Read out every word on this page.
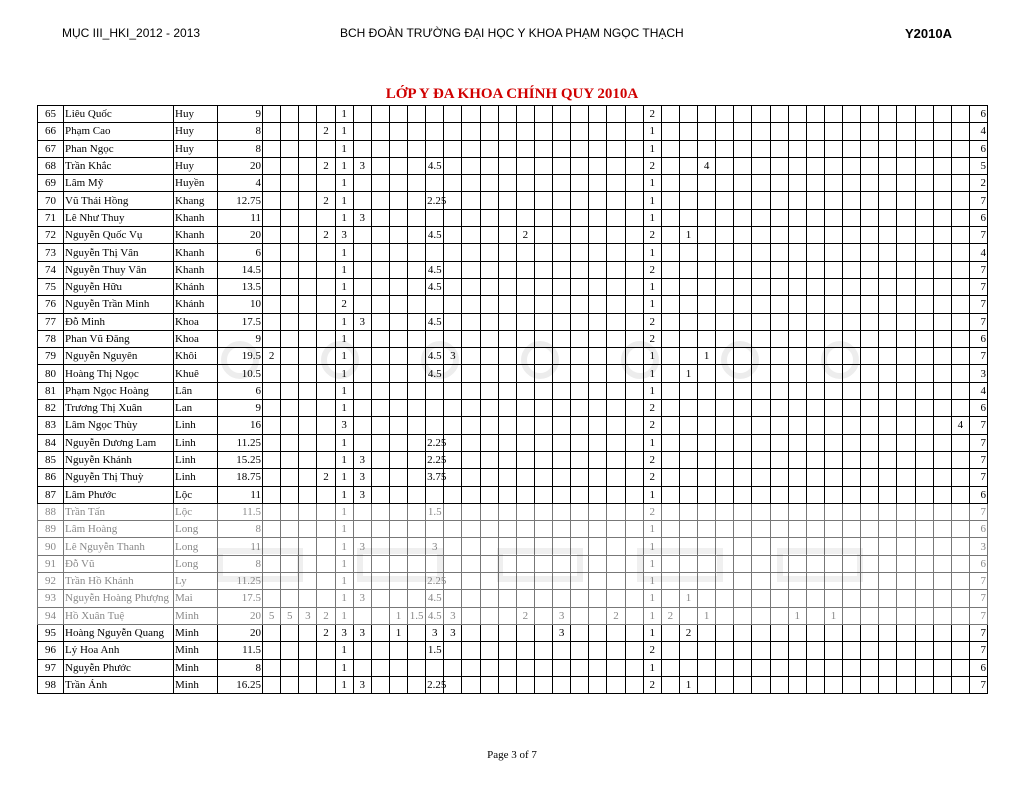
MỤC III_HKI_2012 - 2013	BCH ĐOÀN TRƯỜNG ĐẠI HỌC Y KHOA PHẠM NGỌC THẠCH	Y2010A
LỚP Y ĐA KHOA CHÍNH QUY 2010A
65	Liêu Quốc	Huy	9					1																	2																		6
66	Phạm Cao	Huy	8				2	1																	1																		4
67	Phan Ngọc	Huy	8					1																	1																		6
68	Trần Khắc	Huy	20				2	1	3				4.5												2			4															5
69	Lâm Mỹ	Huyền	4					1																	1																		2
70	Vũ Thái Hồng	Khang	12.75				2	1					2.25												1																		7
71	Lê Như Thuy	Khanh	11					1	3																1																		6
72	Nguyễn Quốc Vụ	Khanh	20				2	3					4.5					2							2		1																7
73	Nguyễn Thị Vân	Khanh	6					1																	1																		4
74	Nguyễn Thuy Vân	Khanh	14.5					1					4.5												2																		7
75	Nguyễn Hữu	Khánh	13.5					1					4.5												1																		7
76	Nguyễn Trần Minh	Khánh	10					2																	1																		7
77	Đỗ Minh	Khoa	17.5					1	3				4.5												2																		7
78	Phan Vũ Đăng	Khoa	9					1																	2																		6
79	Nguyễn Nguyên	Khôi	19.5	2				1					4.5	3											1			1															7
80	Hoàng Thị Ngọc	Khuê	10.5					1					4.5												1		1																3
81	Phạm Ngọc Hoàng	Lân	6					1																	1																		4
82	Trương Thị Xuân	Lan	9					1																	2																		6
83	Lâm Ngọc Thùy	Linh	16					3																	2																	4	7
84	Nguyễn Dương Lam	Linh	11.25					1					2.25												1																		7
85	Nguyễn Khánh	Linh	15.25					1	3				2.25												2																		7
86	Nguyễn Thị Thuỳ	Linh	18.75				2	1	3				3.75												2																		7
87	Lâm Phước	Lộc	11					1	3																1																		6
88	Trần Tấn	Lộc	11.5					1					1.5												2																		7
89	Lâm Hoàng	Long	8					1																	1																		6
90	Lê Nguyễn Thanh	Long	11					1	3				3												1																		3
91	Đỗ Vũ	Long	8					1																	1																		6
92	Trần Hồ Khánh	Ly	11.25					1					2.25												1																		7
93	Nguyễn Hoàng Phượng	Mai	17.5					1	3				4.5												1		1																7
94	Hồ Xuân Tuệ	Minh	20	5	5	3	2	1			1	1.5	4.5	3				2		3			2		1	2		1					1		1								7
95	Hoàng Nguyễn Quang	Minh	20				2	3	3		1		3	3						3					1		2																7
96	Lý Hoa Anh	Minh	11.5					1					1.5												2																		7
97	Nguyễn Phước	Minh	8					1																	1																		6
98	Trần Ánh	Minh	16.25					1	3				2.25												2		1																7
Page 3 of 7
